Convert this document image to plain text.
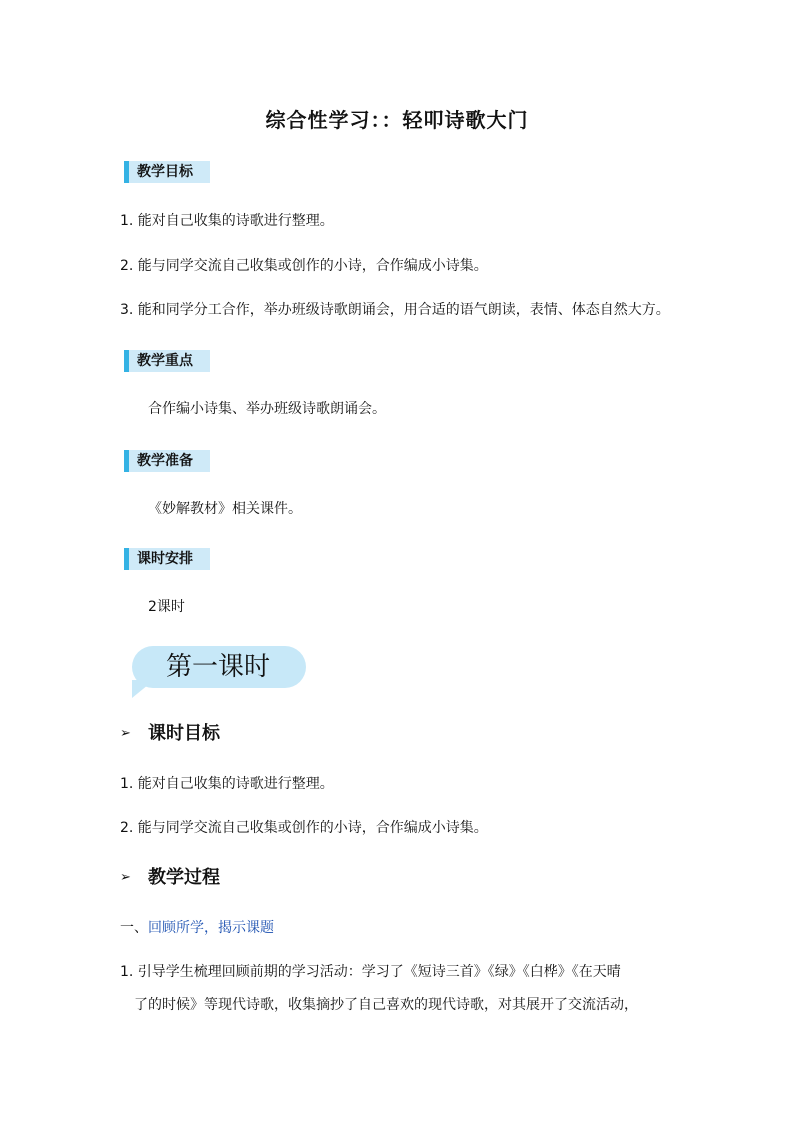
综合性学习：：轻叩诗歌大门
教学目标
1. 能对自己收集的诗歌进行整理。
2. 能与同学交流自己收集或创作的小诗，合作编成小诗集。
3. 能和同学分工合作，举办班级诗歌朗诵会，用合适的语气朗读，表情、体态自然大方。
教学重点
合作编小诗集、举办班级诗歌朗诵会。
教学准备
《妙解教材》相关课件。
课时安排
2课时
第一课时
➢ 课时目标
1. 能对自己收集的诗歌进行整理。
2. 能与同学交流自己收集或创作的小诗，合作编成小诗集。
➢ 教学过程
一、回顾所学，揭示课题
1. 引导学生梳理回顾前期的学习活动：学习了《短诗三首》《绿》《白桦》《在天晴
了的时候》等现代诗歌，收集摘抄了自己喜欢的现代诗歌，对其展开了交流活动，
